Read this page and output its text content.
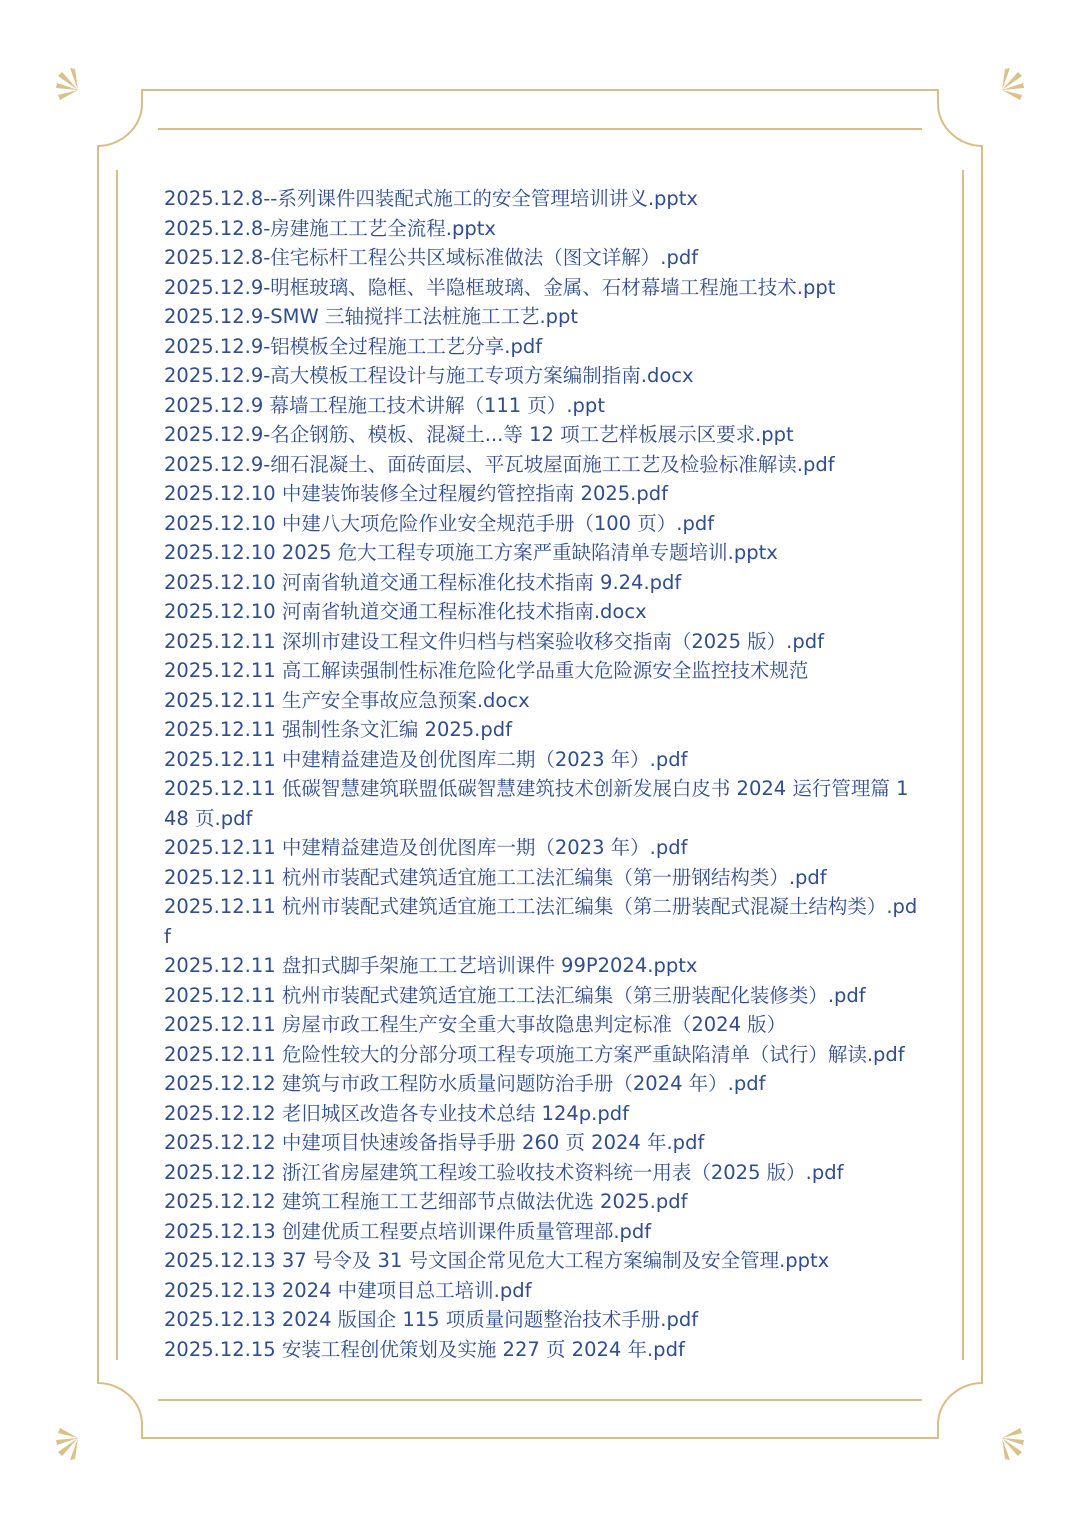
2025.12.8--系列课件四装配式施工的安全管理培训讲义.pptx
2025.12.8-房建施工工艺全流程.pptx
2025.12.8-住宅标杆工程公共区域标准做法（图文详解）.pdf
2025.12.9-明框玻璃、隐框、半隐框玻璃、金属、石材幕墙工程施工技术.ppt
2025.12.9-SMW 三轴搅拌工法桩施工工艺.ppt
2025.12.9-铝模板全过程施工工艺分享.pdf
2025.12.9-高大模板工程设计与施工专项方案编制指南.docx
2025.12.9 幕墙工程施工技术讲解（111 页）.ppt
2025.12.9-名企钢筋、模板、混凝土...等 12 项工艺样板展示区要求.ppt
2025.12.9-细石混凝土、面砖面层、平瓦坡屋面施工工艺及检验标准解读.pdf
2025.12.10 中建装饰装修全过程履约管控指南 2025.pdf
2025.12.10 中建八大项危险作业安全规范手册（100 页）.pdf
2025.12.10 2025 危大工程专项施工方案严重缺陷清单专题培训.pptx
2025.12.10 河南省轨道交通工程标准化技术指南 9.24.pdf
2025.12.10 河南省轨道交通工程标准化技术指南.docx
2025.12.11 深圳市建设工程文件归档与档案验收移交指南（2025 版）.pdf
2025.12.11 高工解读强制性标准危险化学品重大危险源安全监控技术规范
2025.12.11 生产安全事故应急预案.docx
2025.12.11 强制性条文汇编 2025.pdf
2025.12.11 中建精益建造及创优图库二期（2023 年）.pdf
2025.12.11 低碳智慧建筑联盟低碳智慧建筑技术创新发展白皮书 2024 运行管理篇 148 页.pdf
2025.12.11 中建精益建造及创优图库一期（2023 年）.pdf
2025.12.11 杭州市装配式建筑适宜施工工法汇编集（第一册钢结构类）.pdf
2025.12.11 杭州市装配式建筑适宜施工工法汇编集（第二册装配式混凝土结构类）.pdf
2025.12.11 盘扣式脚手架施工工艺培训课件 99P2024.pptx
2025.12.11 杭州市装配式建筑适宜施工工法汇编集（第三册装配化装修类）.pdf
2025.12.11 房屋市政工程生产安全重大事故隐患判定标准（2024 版）
2025.12.11 危险性较大的分部分项工程专项施工方案严重缺陷清单（试行）解读.pdf
2025.12.12 建筑与市政工程防水质量问题防治手册（2024 年）.pdf
2025.12.12 老旧城区改造各专业技术总结 124p.pdf
2025.12.12 中建项目快速竣备指导手册 260 页 2024 年.pdf
2025.12.12 浙江省房屋建筑工程竣工验收技术资料统一用表（2025 版）.pdf
2025.12.12 建筑工程施工工艺细部节点做法优选 2025.pdf
2025.12.13 创建优质工程要点培训课件质量管理部.pdf
2025.12.13 37 号令及 31 号文国企常见危大工程方案编制及安全管理.pptx
2025.12.13 2024 中建项目总工培训.pdf
2025.12.13 2024 版国企 115 项质量问题整治技术手册.pdf
2025.12.15 安装工程创优策划及实施 227 页 2024 年.pdf
